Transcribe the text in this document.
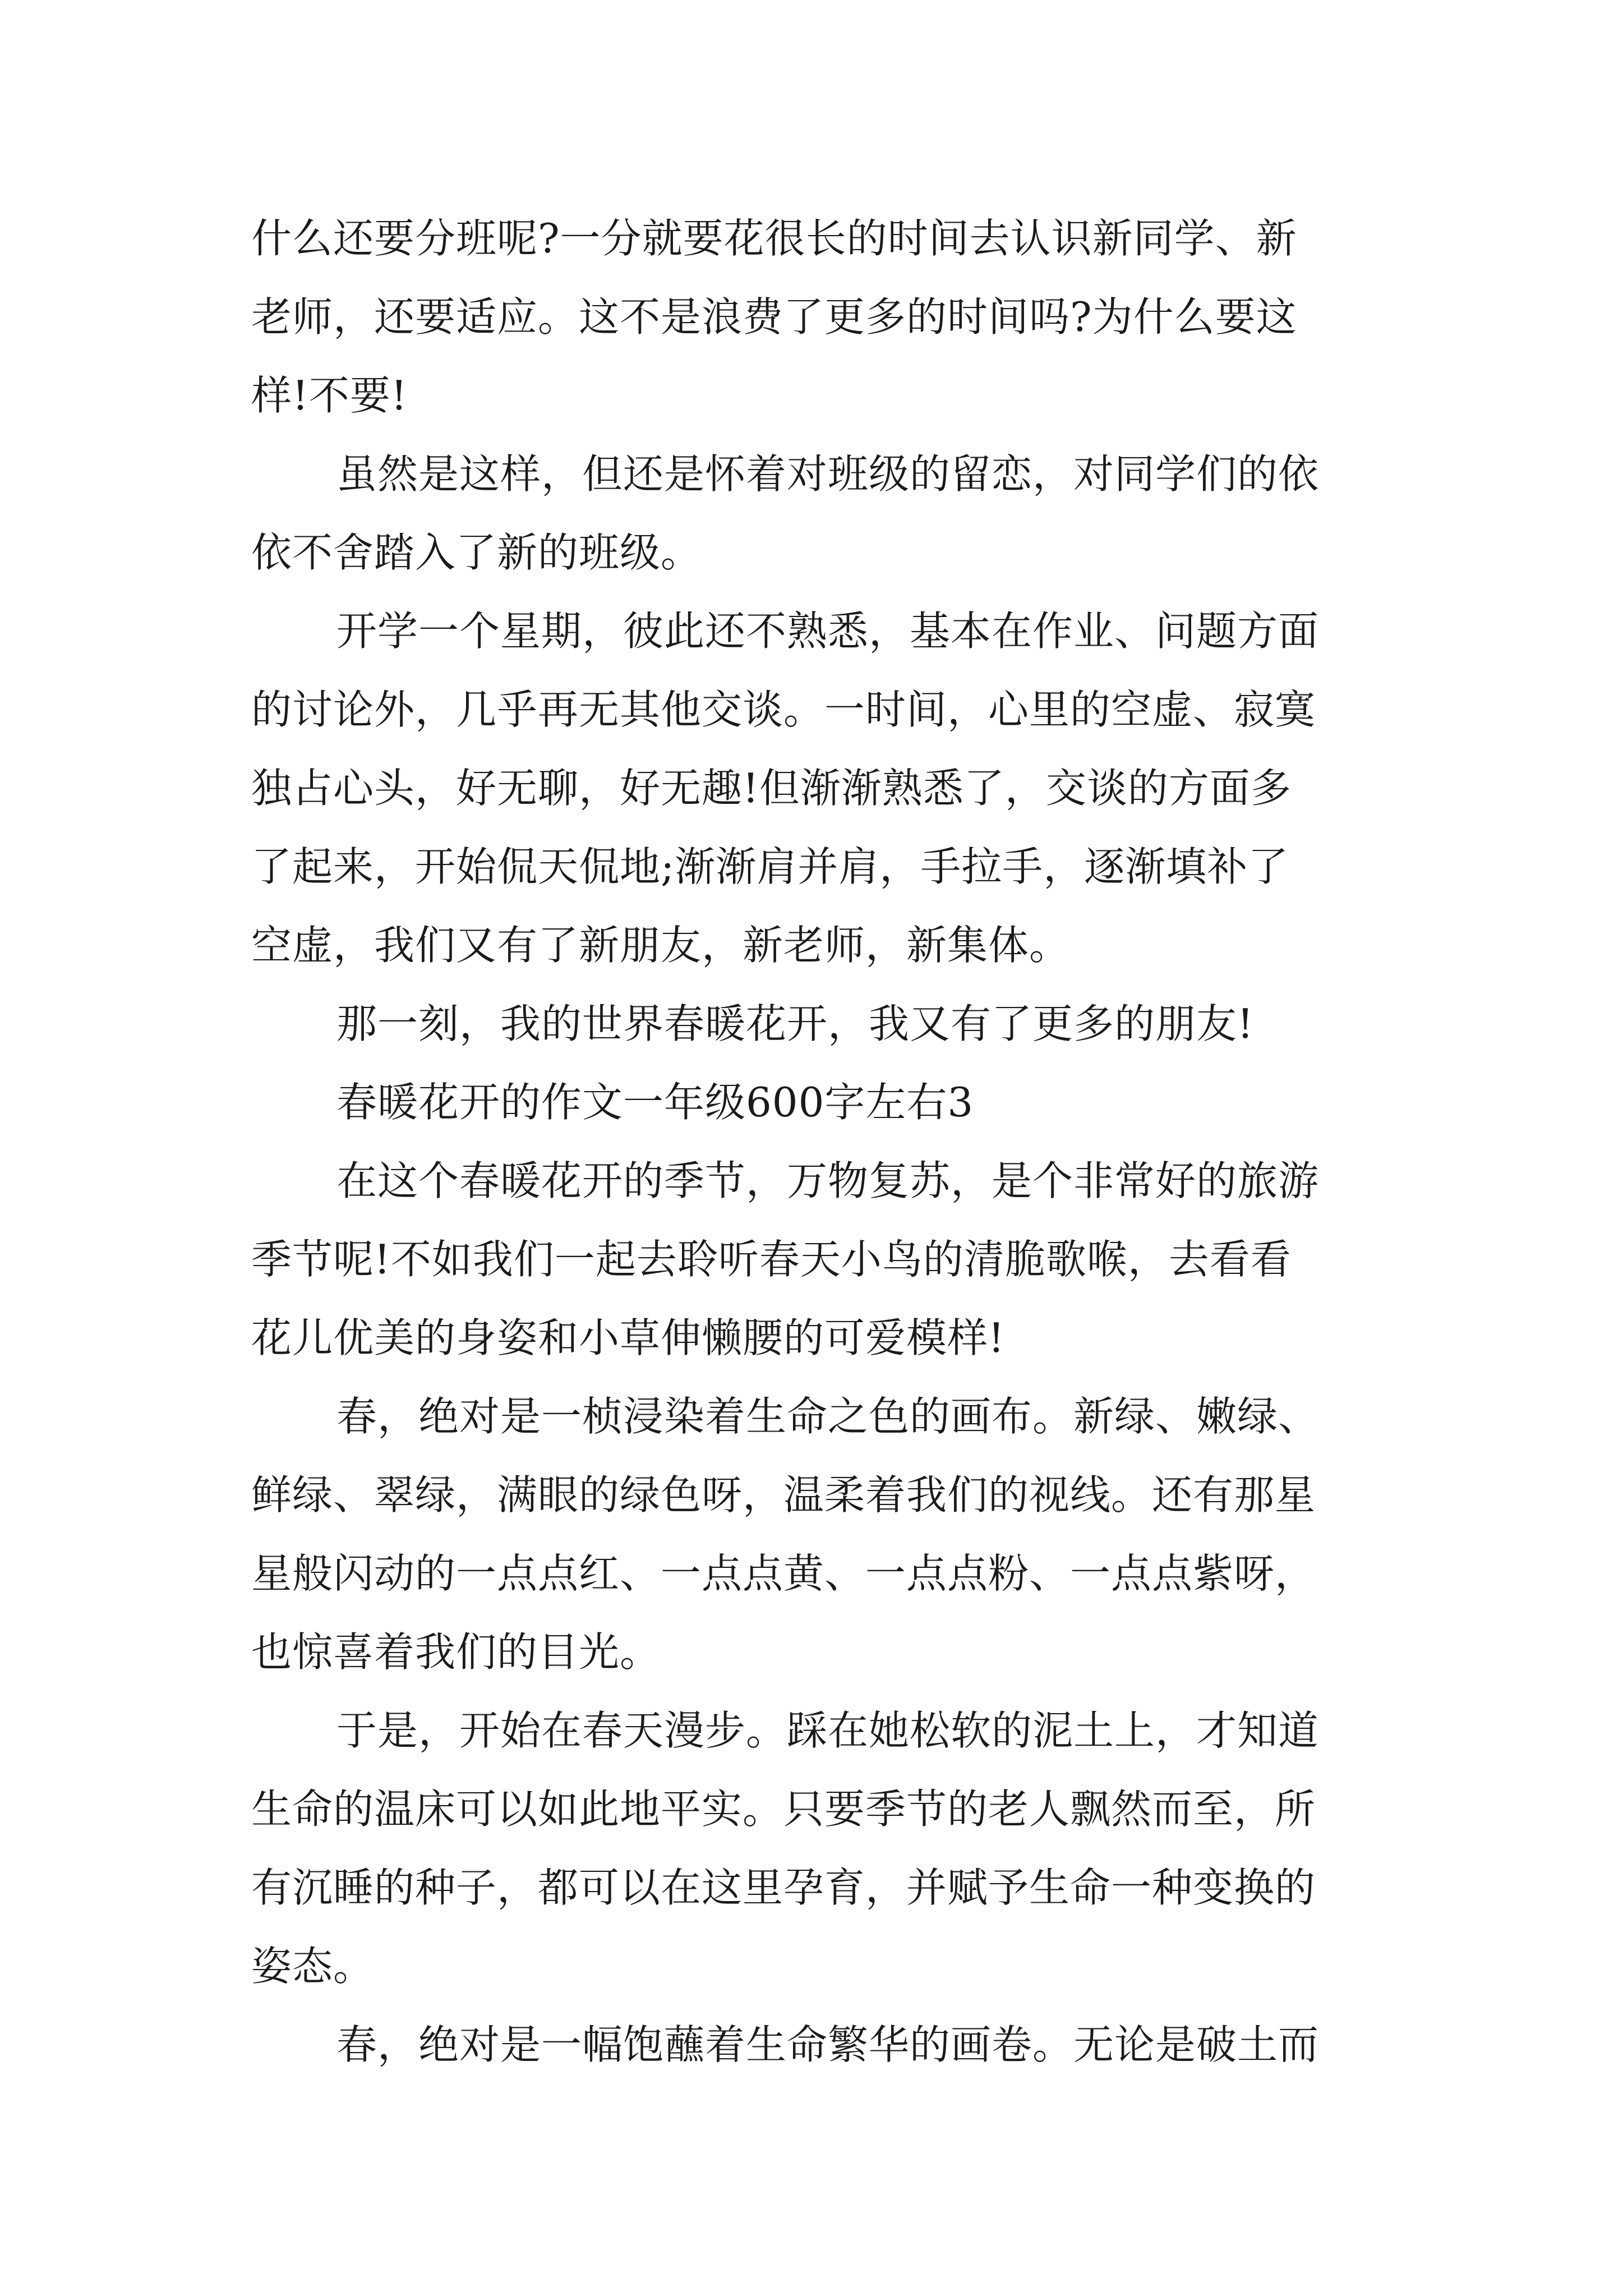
什么还要分班呢?一分就要花很长的时间去认识新同学、新
老师，还要适应。这不是浪费了更多的时间吗?为什么要这
样!不要!
虽然是这样，但还是怀着对班级的留恋，对同学们的依
依不舍踏入了新的班级。
开学一个星期，彼此还不熟悉，基本在作业、问题方面
的讨论外，几乎再无其他交谈。一时间，心里的空虚、寂寞
独占心头，好无聊，好无趣!但渐渐熟悉了，交谈的方面多
了起来，开始侃天侃地;渐渐肩并肩，手拉手，逐渐填补了
空虚，我们又有了新朋友，新老师，新集体。
那一刻，我的世界春暖花开，我又有了更多的朋友!
春暖花开的作文一年级600字左右3
在这个春暖花开的季节，万物复苏，是个非常好的旅游
季节呢!不如我们一起去聆听春天小鸟的清脆歌喉，去看看
花儿优美的身姿和小草伸懒腰的可爱模样!
春，绝对是一桢浸染着生命之色的画布。新绿、嫩绿、
鲜绿、翠绿，满眼的绿色呀，温柔着我们的视线。还有那星
星般闪动的一点点红、一点点黄、一点点粉、一点点紫呀，
也惊喜着我们的目光。
于是，开始在春天漫步。踩在她松软的泥土上，才知道
生命的温床可以如此地平实。只要季节的老人飘然而至，所
有沉睡的种子，都可以在这里孕育，并赋予生命一种变换的
姿态。
春，绝对是一幅饱蘸着生命繁华的画卷。无论是破土而
